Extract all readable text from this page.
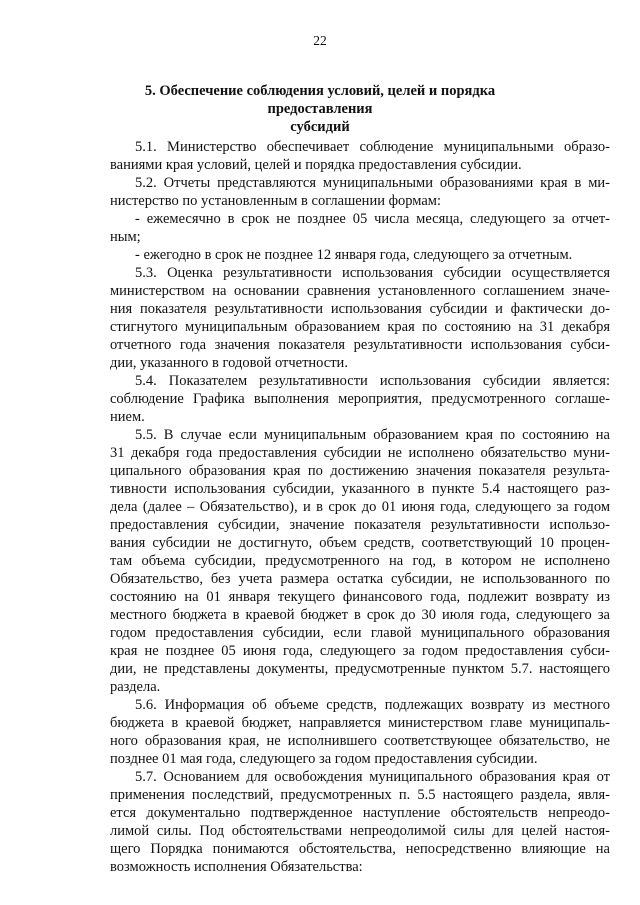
22
5. Обеспечение соблюдения условий, целей и порядка предоставления
субсидий
5.1. Министерство обеспечивает соблюдение муниципальными образо-
ваниями края условий, целей и порядка предоставления субсидии.
5.2. Отчеты представляются муниципальными образованиями края в ми-
нистерство по установленным в соглашении формам:
- ежемесячно в срок не позднее 05 числа месяца, следующего за отчет-
ным;
- ежегодно в срок не позднее 12 января года, следующего за отчетным.
5.3. Оценка результативности использования субсидии осуществляется
министерством на основании сравнения установленного соглашением значе-
ния показателя результативности использования субсидии и фактически до-
стигнутого муниципальным образованием края по состоянию на 31 декабря
отчетного года значения показателя результативности использования субси-
дии, указанного в годовой отчетности.
5.4. Показателем результативности использования субсидии является:
соблюдение Графика выполнения мероприятия, предусмотренного соглаше-
нием.
5.5. В случае если муниципальным образованием края по состоянию на
31 декабря года предоставления субсидии не исполнено обязательство муни-
ципального образования края по достижению значения показателя результа-
тивности использования субсидии, указанного в пункте 5.4 настоящего раз-
дела (далее – Обязательство), и в срок до 01 июня года, следующего за годом
предоставления субсидии, значение показателя результативности использо-
вания субсидии не достигнуто, объем средств, соответствующий 10 процен-
там объема субсидии, предусмотренного на год, в котором не исполнено
Обязательство, без учета размера остатка субсидии, не использованного по
состоянию на 01 января текущего финансового года, подлежит возврату из
местного бюджета в краевой бюджет в срок до 30 июля года, следующего за
годом предоставления субсидии, если главой муниципального образования
края не позднее 05 июня года, следующего за годом предоставления субси-
дии, не представлены документы, предусмотренные пунктом 5.7. настоящего
раздела.
5.6. Информация об объеме средств, подлежащих возврату из местного
бюджета в краевой бюджет, направляется министерством главе муниципаль-
ного образования края, не исполнившего соответствующее обязательство, не
позднее 01 мая года, следующего за годом предоставления субсидии.
5.7. Основанием для освобождения муниципального образования края от
применения последствий, предусмотренных п. 5.5 настоящего раздела, явля-
ется документально подтвержденное наступление обстоятельств непреодо-
лимой силы. Под обстоятельствами непреодолимой силы для целей настоя-
щего Порядка понимаются обстоятельства, непосредственно влияющие на
возможность исполнения Обязательства:
